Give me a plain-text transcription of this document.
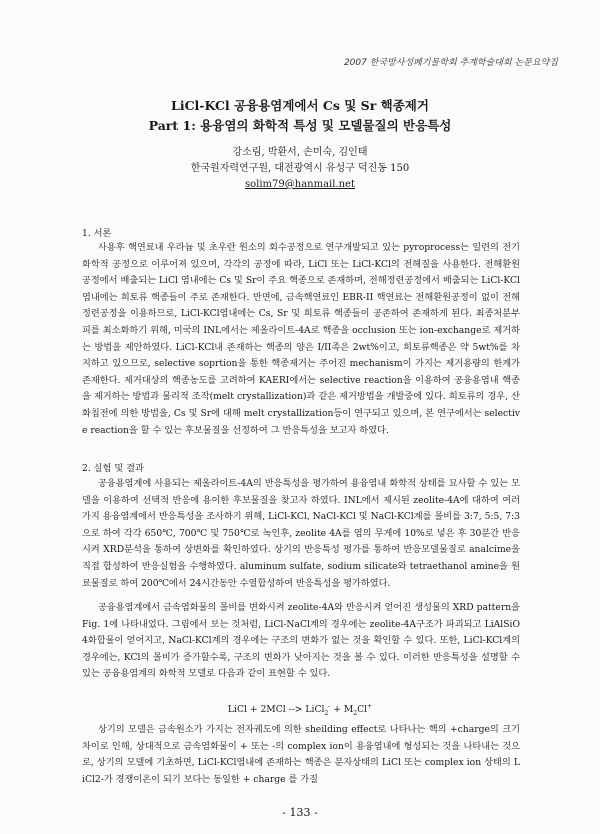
2007 한국방사성폐기물학회 추계학술대회 논문요약집
LiCl-KCl 공융용염계에서 Cs 및 Sr 핵종제거
Part 1: 용융염의 화학적 특성 및 모델물질의 반응특성
강소림, 박환서, 손미숙, 김인태
한국원자력연구원, 대전광역시 유성구 덕진동 150
solim79@hanmail.net
1. 서론

사용후 핵연료내 우라늄 및 초우란 원소의 회수공정으로 연구개발되고 있는 pyroprocess는 일련의 전기화학적 공정으로 이루어져 있으며, 각각의 공정에 따라, LiCl 또는 LiCl-KCl의 전해질을 사용한다. 전해환원공정에서 배출되는 LiCl 염내에는 Cs 및 Sr이 주요 핵종으로 존재하며, 전해정련공정에서 배출되는 LiCl-KCl염내에는 희토류 핵종들이 주로 존재한다. 반면에, 금속핵연료인 EBR-II 핵연료는 전해환원공정이 없이 전해정련공정을 이용하므로, LiCl-KCl염내에는 Cs, Sr 및 희토류 핵종들이 공존하여 존재하게 된다. 최종처분부피를 최소화하기 위해, 미국의 INL에서는 제올라이트-4A로 핵종을 occlusion 또는 ion-exchange로 제거하는 방법을 제안하였다. LiCl-KCl내 존재하는 핵종의 양은 I/II족은 2wt%이고, 희토류핵종은 약 5wt%를 차지하고 있으므로, selective soprtion을 통한 핵종제거는 주어진 mechanism이 가지는 제거용량의 한계가 존재한다. 제거대상의 핵종농도를 고려하여 KAERI에서는 selective reaction을 이용하여 공융용염내 핵종을 제거하는 방법과 물리적 조작(melt crystallization)과 같은 제거방법을 개발중에 있다. 희토류의 경우, 산화침전에 의한 방법을, Cs 및 Sr에 대해 melt crystallization등이 연구되고 있으며, 본 연구에서는 selective reaction을 할 수 있는 후보물질을 선정하여 그 반응특성을 보고자 하였다.

2. 실험 및 결과

공융용염계에 사용되는 제올라이트-4A의 반응특성을 평가하여 용융염내 화학적 상태를 묘사할 수 있는 모델을 이용하여 선택적 반응에 용이한 후보물질을 찾고자 하였다. INL에서 제시된 zeolite-4A에 대하여 여러 가지 용융염계에서 반응특성을 조사하기 위해, LiCl-KCl, NaCl-KCl 및 NaCl-KCl계를 몰비를 3:7, 5:5, 7:3으로 하여 각각 650℃, 700℃ 및 750℃로 녹인후, zeolite 4A를 염의 무게에 10%로 넣은 후 30분간 반응시켜 XRD분석을 통하여 상변화를 확인하였다. 상기의 반응특성 평가를 통하여 반응모델물질로 analcime을 직접 합성하여 반응실험을 수행하였다. aluminum sulfate, sodium silicate와 tetraethanol amine을 원료물질로 하여 200℃에서 24시간동안 수열합성하여 반응특성을 평가하였다.

공융용염계에서 금속염화물의 몰비를 변화시켜 zeolite-4A와 반응시켜 얻어진 생성물의 XRD pattern을 Fig. 1에 나타내었다. 그림에서 보는 것처럼, LiCl-NaCl계의 경우에는 zeolite-4A구조가 파괴되고 LiAlSiO4화합물이 얻어지고, NaCl-KCl계의 경우에는 구조의 변화가 없는 것을 확인할 수 있다. 또한, LiCl-KCl계의 경우에는, KCl의 몰비가 증가할수록, 구조의 변화가 낮아지는 것을 볼 수 있다. 이러한 반응특성을 설명할 수 있는 공융용염계의 화학적 모델로 다음과 같이 표현할 수 있다.

LiCl + 2MCl --> LiCl$_2$- + $M_2Cl^+$

상기의 모델은 금속원소가 가지는 전자궤도에 의한 sheilding effect로 나타나는 핵의 +charge의 크기차이로 인해, 상대적으로 금속염화물이 + 또는 -의 complex ion이 용융염내에 형성되는 것을 나타내는 것으로, 상기의 모델에 기초하면, LiCl-KCl염내에 존재하는 핵종은 분자상태의 LiCl 또는 complex ion 상태의 LiCl2-가 경쟁이온이 되기 보다는 동일한 + charge 를 가질

- 133 -
